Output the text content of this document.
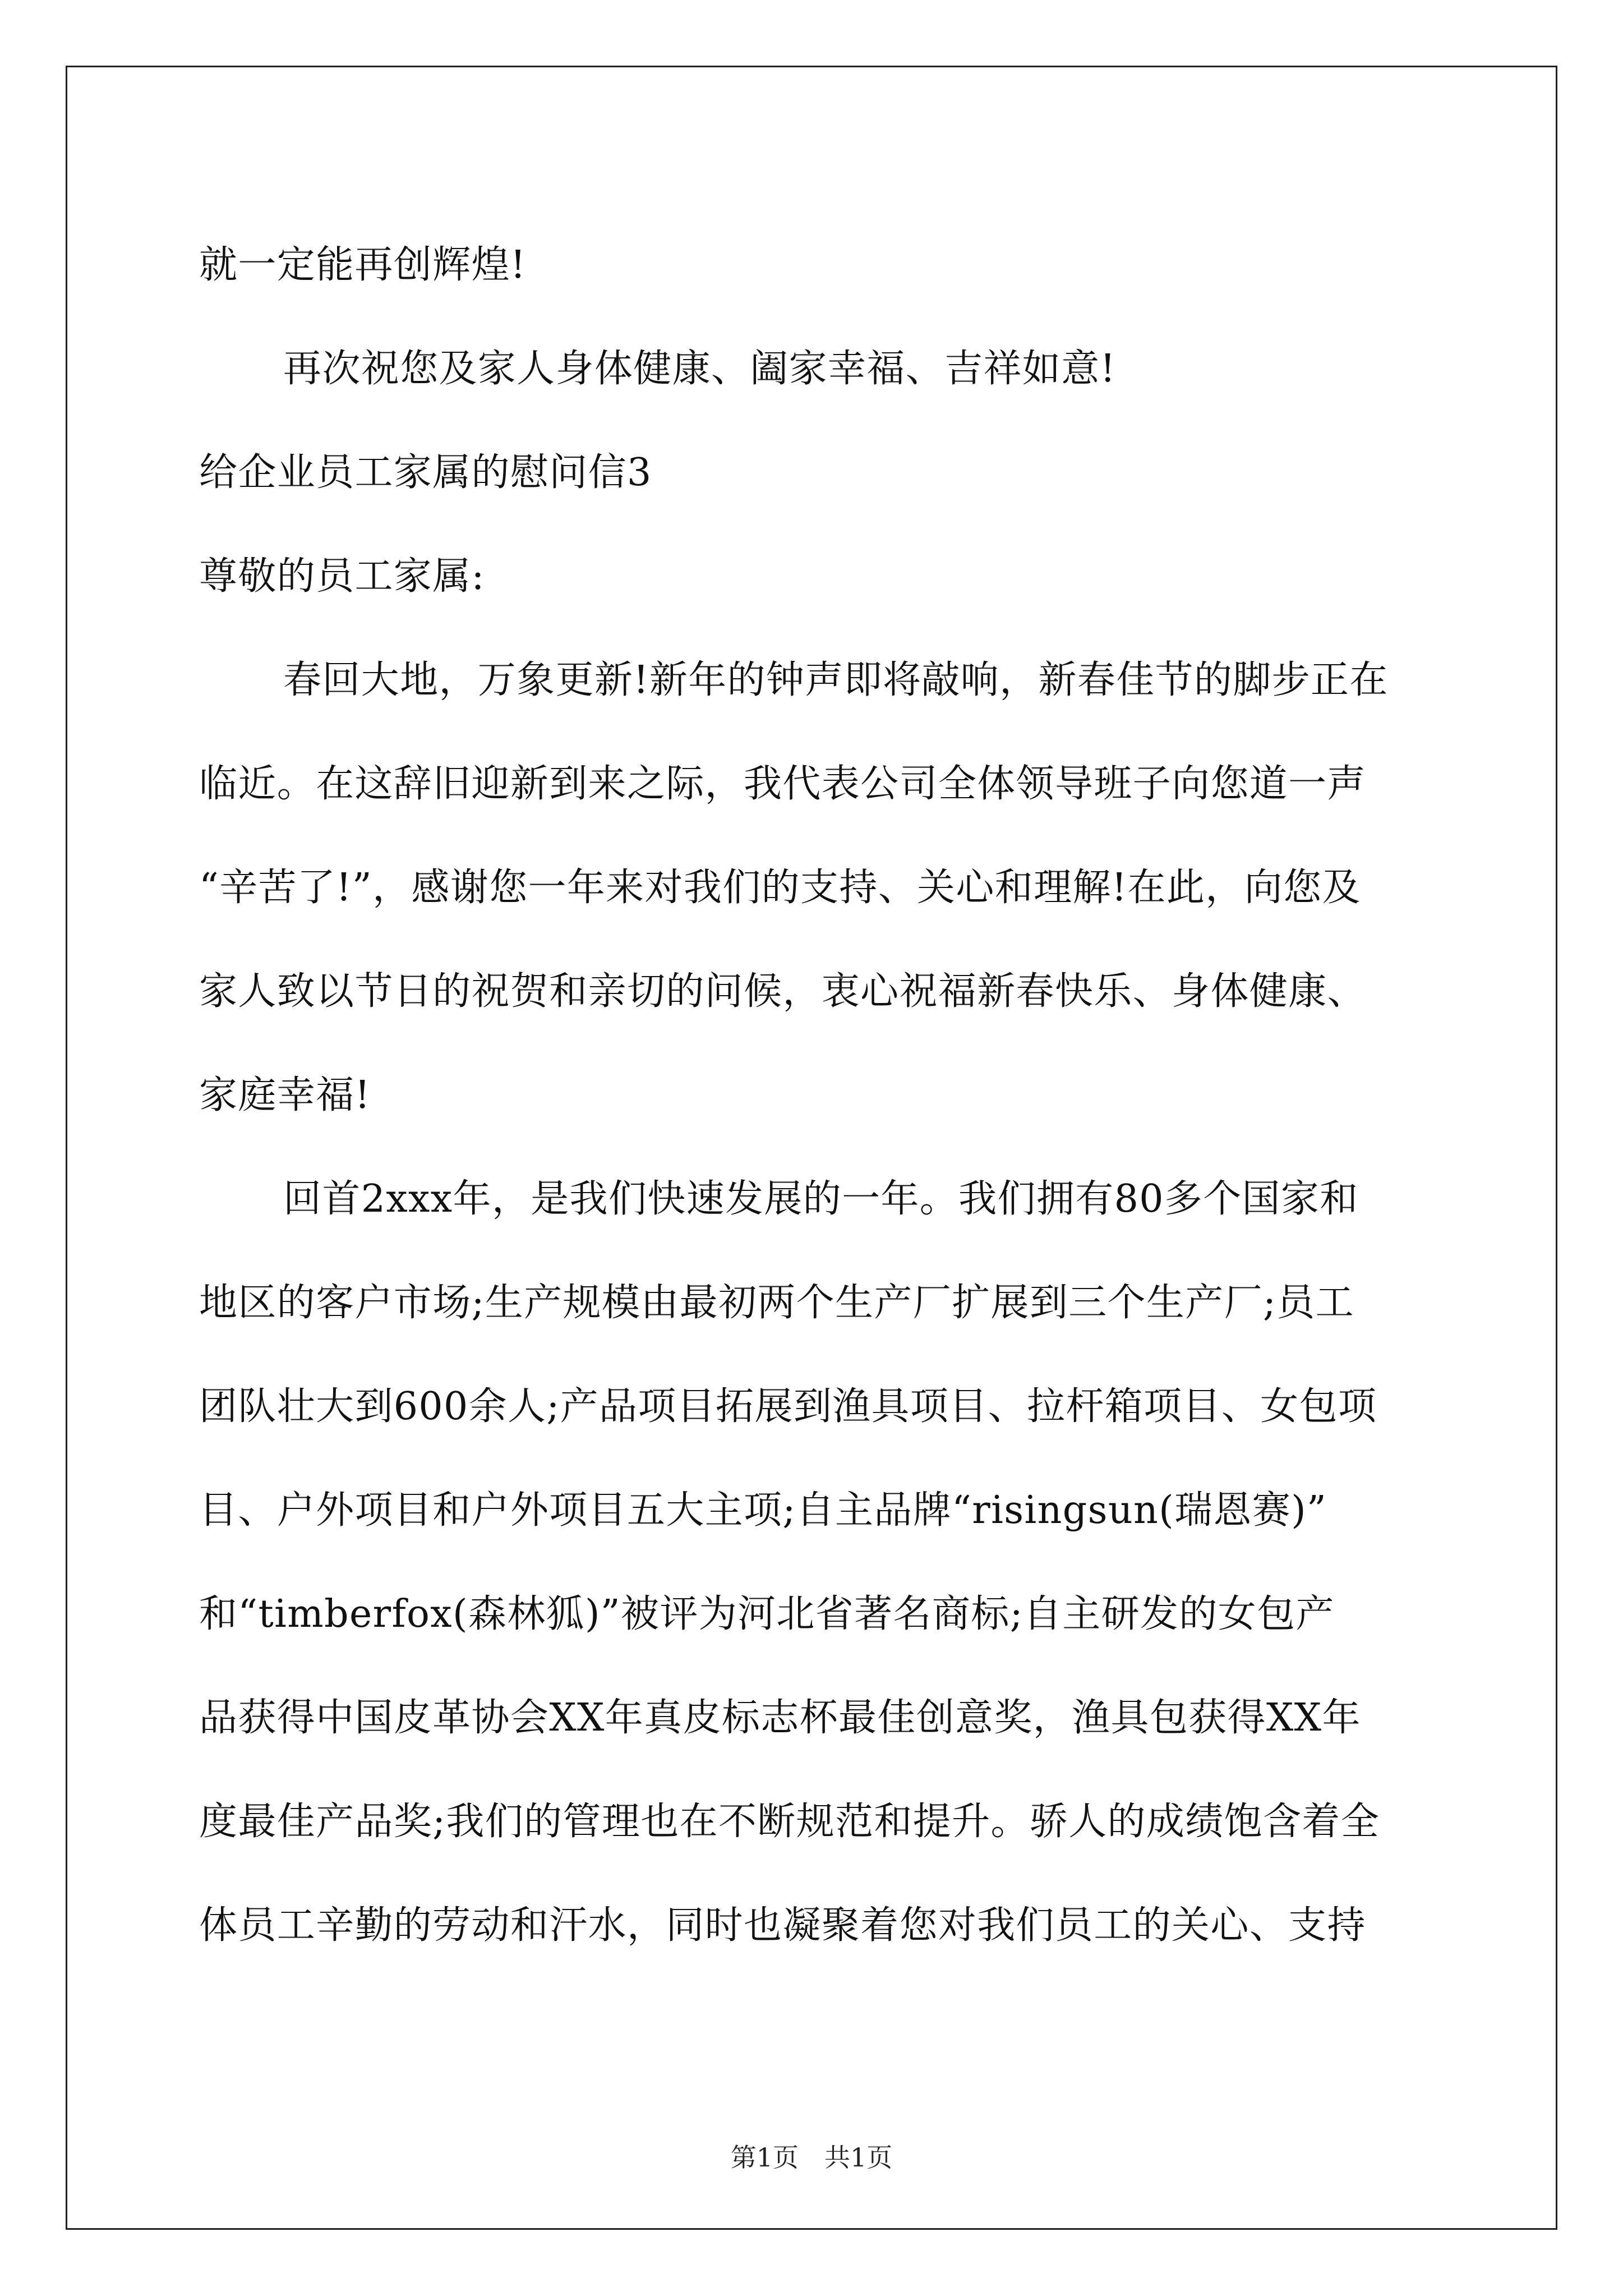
就一定能再创辉煌!
再次祝您及家人身体健康、阖家幸福、吉祥如意!
给企业员工家属的慰问信3
尊敬的员工家属:
春回大地，万象更新!新年的钟声即将敲响，新春佳节的脚步正在
临近。在这辞旧迎新到来之际，我代表公司全体领导班子向您道一声
“辛苦了!”，感谢您一年来对我们的支持、关心和理解!在此，向您及
家人致以节日的祝贺和亲切的问候，衷心祝福新春快乐、身体健康、
家庭幸福!
回首2xxx年，是我们快速发展的一年。我们拥有80多个国家和
地区的客户市场;生产规模由最初两个生产厂扩展到三个生产厂;员工
团队壮大到600余人;产品项目拓展到渔具项目、拉杆箱项目、女包项
目、户外项目和户外项目五大主项;自主品牌“risingsun(瑞恩赛)”
和“timberfox(森林狐)”被评为河北省著名商标;自主研发的女包产
品获得中国皮革协会XX年真皮标志杯最佳创意奖，渔具包获得XX年
度最佳产品奖;我们的管理也在不断规范和提升。骄人的成绩饱含着全
体员工辛勤的劳动和汗水，同时也凝聚着您对我们员工的关心、支持
第1页　共1页
